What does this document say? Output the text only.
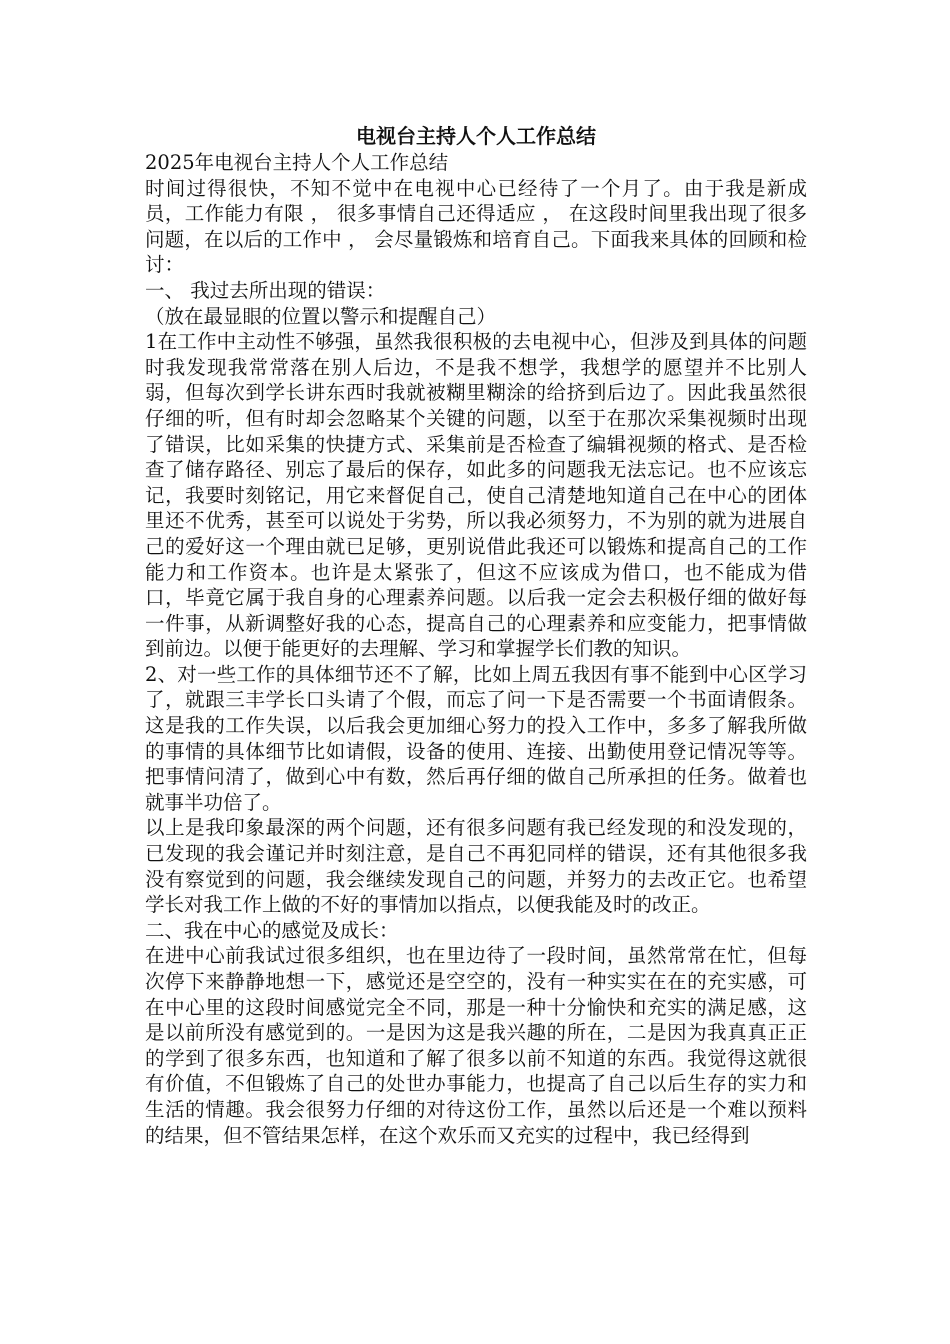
电视台主持人个人工作总结

2025年电视台主持人个人工作总结

时间过得很快，不知不觉中在电视中心已经待了一个月了。由于我是新成员，工作能力有限 ， 很多事情自己还得适应 ， 在这段时间里我出现了很多问题，在以后的工作中 ， 会尽量锻炼和培育自己。下面我来具体的回顾和检讨：

一、 我过去所出现的错误：

（放在最显眼的位置以警示和提醒自己）

1在工作中主动性不够强，虽然我很积极的去电视中心，但涉及到具体的问题时我发现我常常落在别人后边，不是我不想学，我想学的愿望并不比别人弱，但每次到学长讲东西时我就被糊里糊涂的给挤到后边了。因此我虽然很仔细的听，但有时却会忽略某个关键的问题，以至于在那次采集视频时出现了错误，比如采集的快捷方式、采集前是否检查了编辑视频的格式、是否检查了储存路径、别忘了最后的保存，如此多的问题我无法忘记。也不应该忘记，我要时刻铭记，用它来督促自己，使自己清楚地知道自己在中心的团体里还不优秀，甚至可以说处于劣势，所以我必须努力，不为别的就为进展自己的爱好这一个理由就已足够，更别说借此我还可以锻炼和提高自己的工作能力和工作资本。也许是太紧张了，但这不应该成为借口，也不能成为借口，毕竟它属于我自身的心理素养问题。以后我一定会去积极仔细的做好每一件事，从新调整好我的心态，提高自己的心理素养和应变能力，把事情做到前边。以便于能更好的去理解、学习和掌握学长们教的知识。

2、对一些工作的具体细节还不了解，比如上周五我因有事不能到中心区学习了，就跟三丰学长口头请了个假，而忘了问一下是否需要一个书面请假条。这是我的工作失误，以后我会更加细心努力的投入工作中，多多了解我所做的事情的具体细节比如请假，设备的使用、连接、出勤使用登记情况等等。把事情问清了，做到心中有数，然后再仔细的做自己所承担的任务。做着也就事半功倍了。

以上是我印象最深的两个问题，还有很多问题有我已经发现的和没发现的，已发现的我会谨记并时刻注意，是自己不再犯同样的错误，还有其他很多我没有察觉到的问题，我会继续发现自己的问题，并努力的去改正它。也希望学长对我工作上做的不好的事情加以指点，以便我能及时的改正。

二、我在中心的感觉及成长：

在进中心前我试过很多组织，也在里边待了一段时间，虽然常常在忙，但每次停下来静静地想一下，感觉还是空空的，没有一种实实在在的充实感，可在中心里的这段时间感觉完全不同，那是一种十分愉快和充实的满足感，这是以前所没有感觉到的。一是因为这是我兴趣的所在，二是因为我真真正正的学到了很多东西，也知道和了解了很多以前不知道的东西。我觉得这就很有价值，不但锻炼了自己的处世办事能力，也提高了自己以后生存的实力和生活的情趣。我会很努力仔细的对待这份工作，虽然以后还是一个难以预料的结果，但不管结果怎样，在这个欢乐而又充实的过程中，我已经得到
